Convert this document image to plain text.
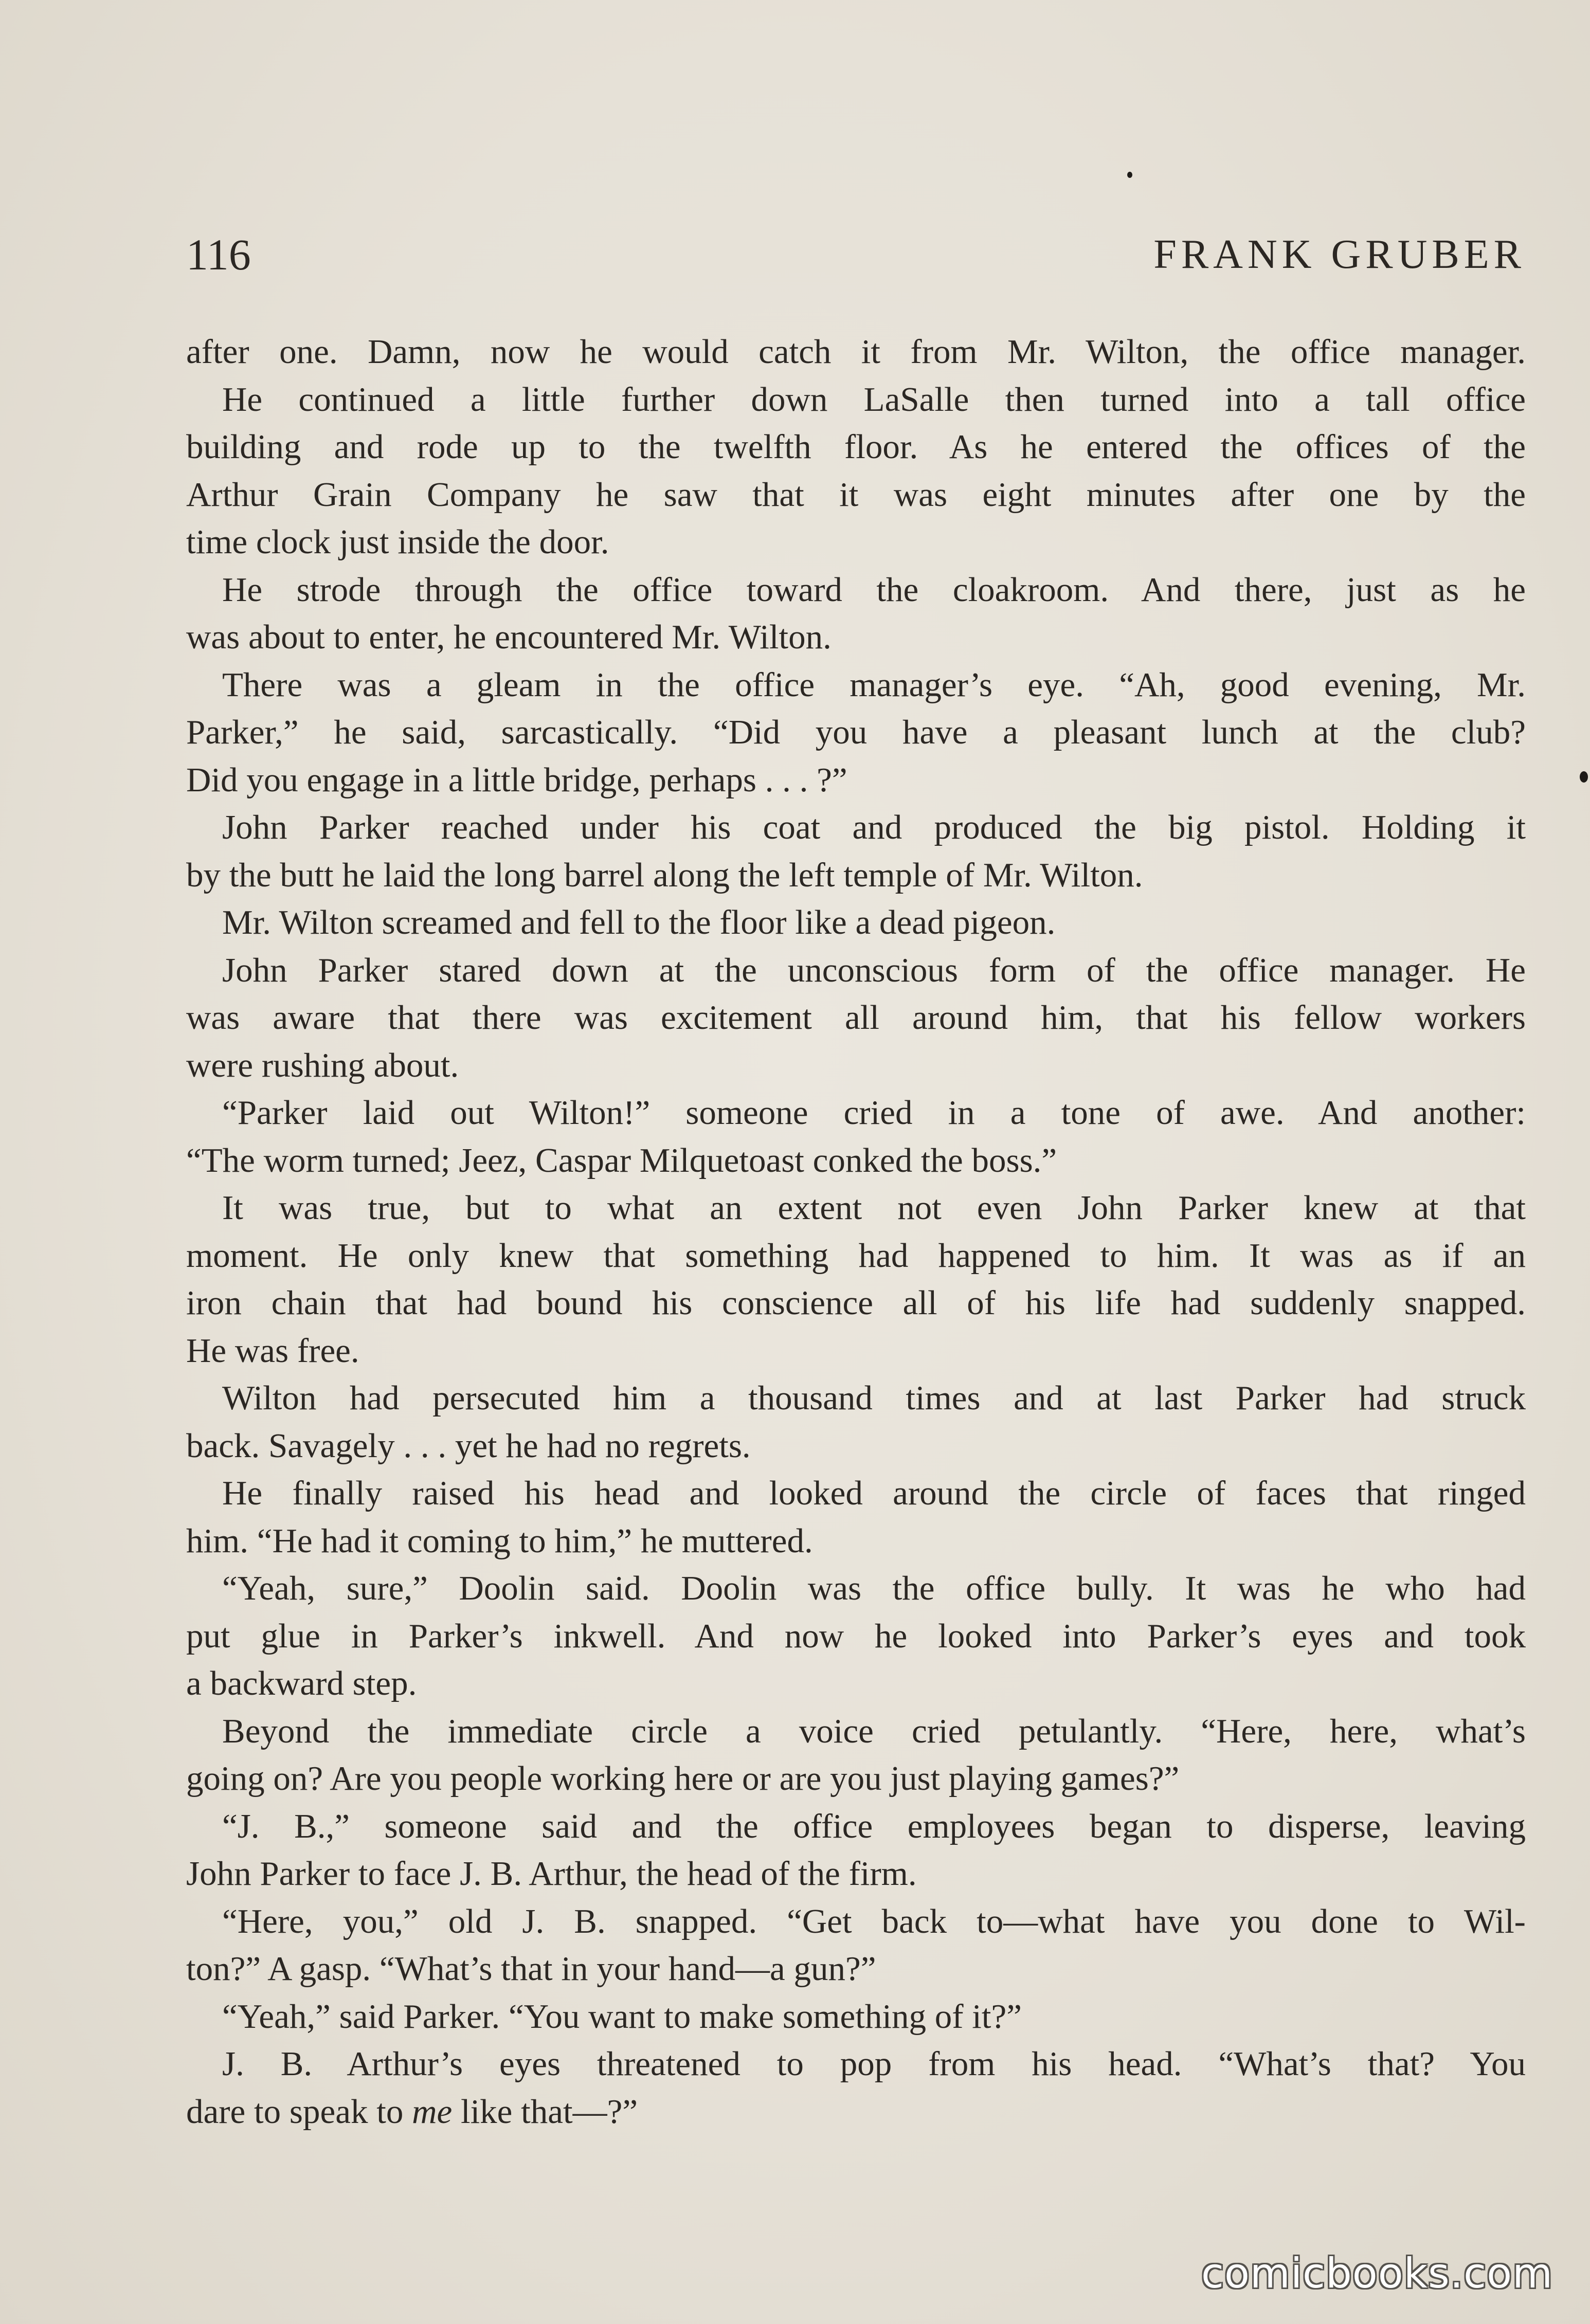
116	FRANK GRUBER
after one. Damn, now he would catch it from Mr. Wilton, the office manager.
He continued a little further down LaSalle then turned into a tall office
building and rode up to the twelfth floor. As he entered the offices of the
Arthur Grain Company he saw that it was eight minutes after one by the
time clock just inside the door.
He strode through the office toward the cloakroom. And there, just as he
was about to enter, he encountered Mr. Wilton.
There was a gleam in the office manager’s eye. “Ah, good evening, Mr.
Parker,” he said, sarcastically. “Did you have a pleasant lunch at the club?
Did you engage in a little bridge, perhaps . . . ?”
John Parker reached under his coat and produced the big pistol. Holding it
by the butt he laid the long barrel along the left temple of Mr. Wilton.
Mr. Wilton screamed and fell to the floor like a dead pigeon.
John Parker stared down at the unconscious form of the office manager. He
was aware that there was excitement all around him, that his fellow workers
were rushing about.
“Parker laid out Wilton!” someone cried in a tone of awe. And another:
“The worm turned; Jeez, Caspar Milquetoast conked the boss.”
It was true, but to what an extent not even John Parker knew at that
moment. He only knew that something had happened to him. It was as if an
iron chain that had bound his conscience all of his life had suddenly snapped.
He was free.
Wilton had persecuted him a thousand times and at last Parker had struck
back. Savagely . . . yet he had no regrets.
He finally raised his head and looked around the circle of faces that ringed
him. “He had it coming to him,” he muttered.
“Yeah, sure,” Doolin said. Doolin was the office bully. It was he who had
put glue in Parker’s inkwell. And now he looked into Parker’s eyes and took
a backward step.
Beyond the immediate circle a voice cried petulantly. “Here, here, what’s
going on? Are you people working here or are you just playing games?”
“J. B.,” someone said and the office employees began to disperse, leaving
John Parker to face J. B. Arthur, the head of the firm.
“Here, you,” old J. B. snapped. “Get back to—what have you done to Wil-
ton?” A gasp. “What’s that in your hand—a gun?”
“Yeah,” said Parker. “You want to make something of it?”
J. B. Arthur’s eyes threatened to pop from his head. “What’s that? You
dare to speak to me like that—?”
comicbooks.com
